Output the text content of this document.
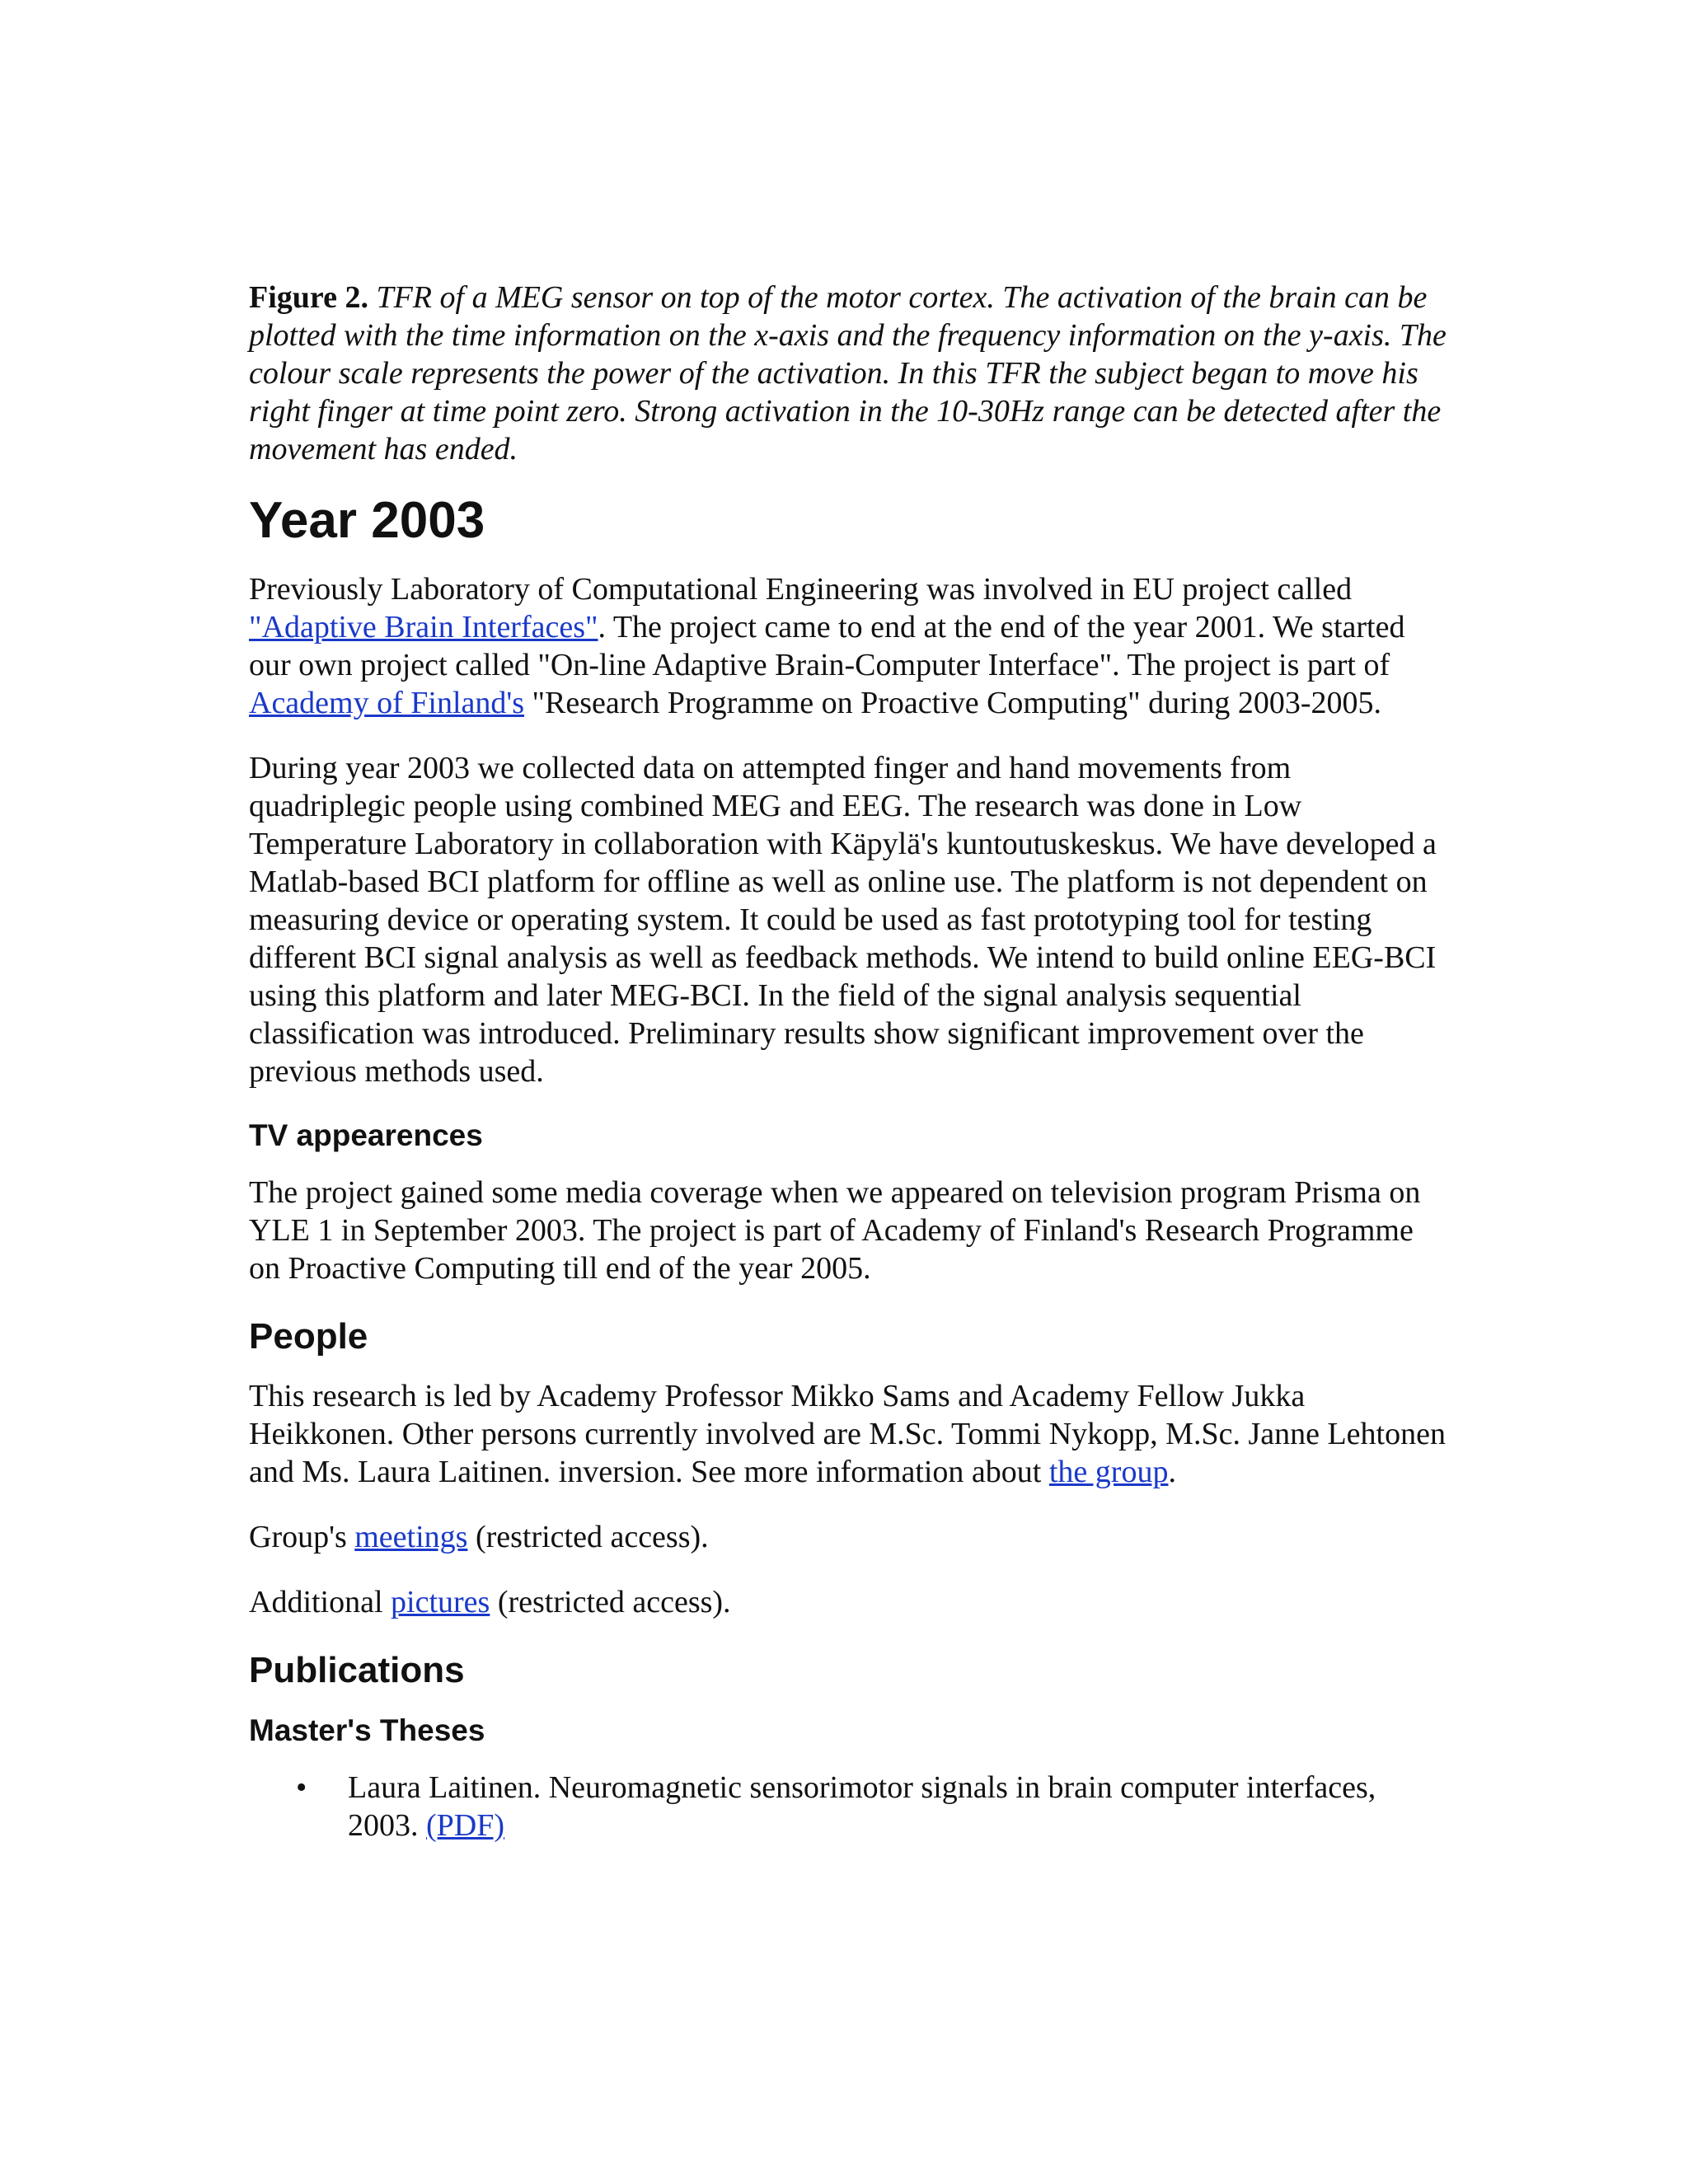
Figure 2. TFR of a MEG sensor on top of the motor cortex. The activation of the brain can be plotted with the time information on the x-axis and the frequency information on the y-axis. The colour scale represents the power of the activation. In this TFR the subject began to move his right finger at time point zero. Strong activation in the 10-30Hz range can be detected after the movement has ended.

Year 2003

Previously Laboratory of Computational Engineering was involved in EU project called "Adaptive Brain Interfaces". The project came to end at the end of the year 2001. We started our own project called "On-line Adaptive Brain-Computer Interface". The project is part of Academy of Finland's "Research Programme on Proactive Computing" during 2003-2005.

During year 2003 we collected data on attempted finger and hand movements from quadriplegic people using combined MEG and EEG. The research was done in Low Temperature Laboratory in collaboration with Käpylä's kuntoutuskeskus. We have developed a Matlab-based BCI platform for offline as well as online use. The platform is not dependent on measuring device or operating system. It could be used as fast prototyping tool for testing different BCI signal analysis as well as feedback methods. We intend to build online EEG-BCI using this platform and later MEG-BCI. In the field of the signal analysis sequential classification was introduced. Preliminary results show significant improvement over the previous methods used.

TV appearences

The project gained some media coverage when we appeared on television program Prisma on YLE 1 in September 2003. The project is part of Academy of Finland's Research Programme on Proactive Computing till end of the year 2005.

People

This research is led by Academy Professor Mikko Sams and Academy Fellow Jukka Heikkonen. Other persons currently involved are M.Sc. Tommi Nykopp, M.Sc. Janne Lehtonen and Ms. Laura Laitinen. inversion. See more information about the group.

Group's meetings (restricted access).

Additional pictures (restricted access).

Publications
Master's Theses
• Laura Laitinen. Neuromagnetic sensorimotor signals in brain computer interfaces, 2003. (PDF)
